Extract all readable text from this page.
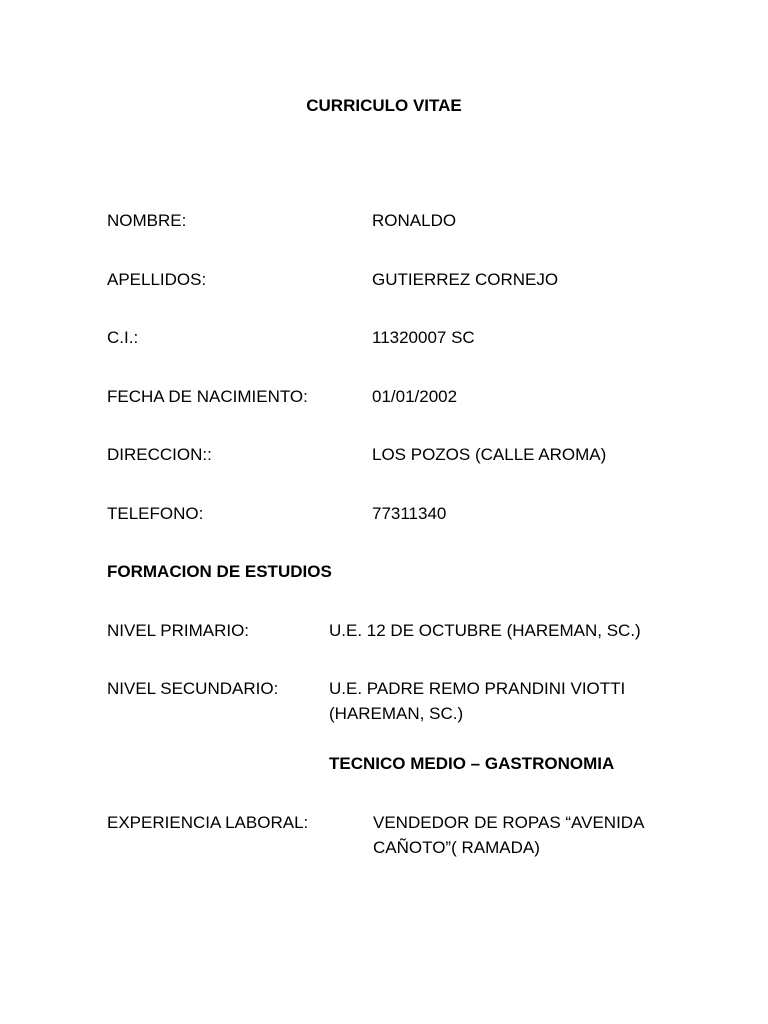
CURRICULO VITAE
NOMBRE:	RONALDO
APELLIDOS:	GUTIERREZ CORNEJO
C.I.:	11320007 SC
FECHA DE NACIMIENTO:	01/01/2002
DIRECCION::	LOS POZOS (CALLE AROMA)
TELEFONO:	77311340
FORMACION DE ESTUDIOS
NIVEL PRIMARIO:	U.E. 12 DE OCTUBRE (HAREMAN, SC.)
NIVEL SECUNDARIO:	U.E. PADRE REMO PRANDINI VIOTTI
(HAREMAN, SC.)
TECNICO MEDIO – GASTRONOMIA
EXPERIENCIA LABORAL:	VENDEDOR DE ROPAS “AVENIDA
CAÑOTO”( RAMADA)
